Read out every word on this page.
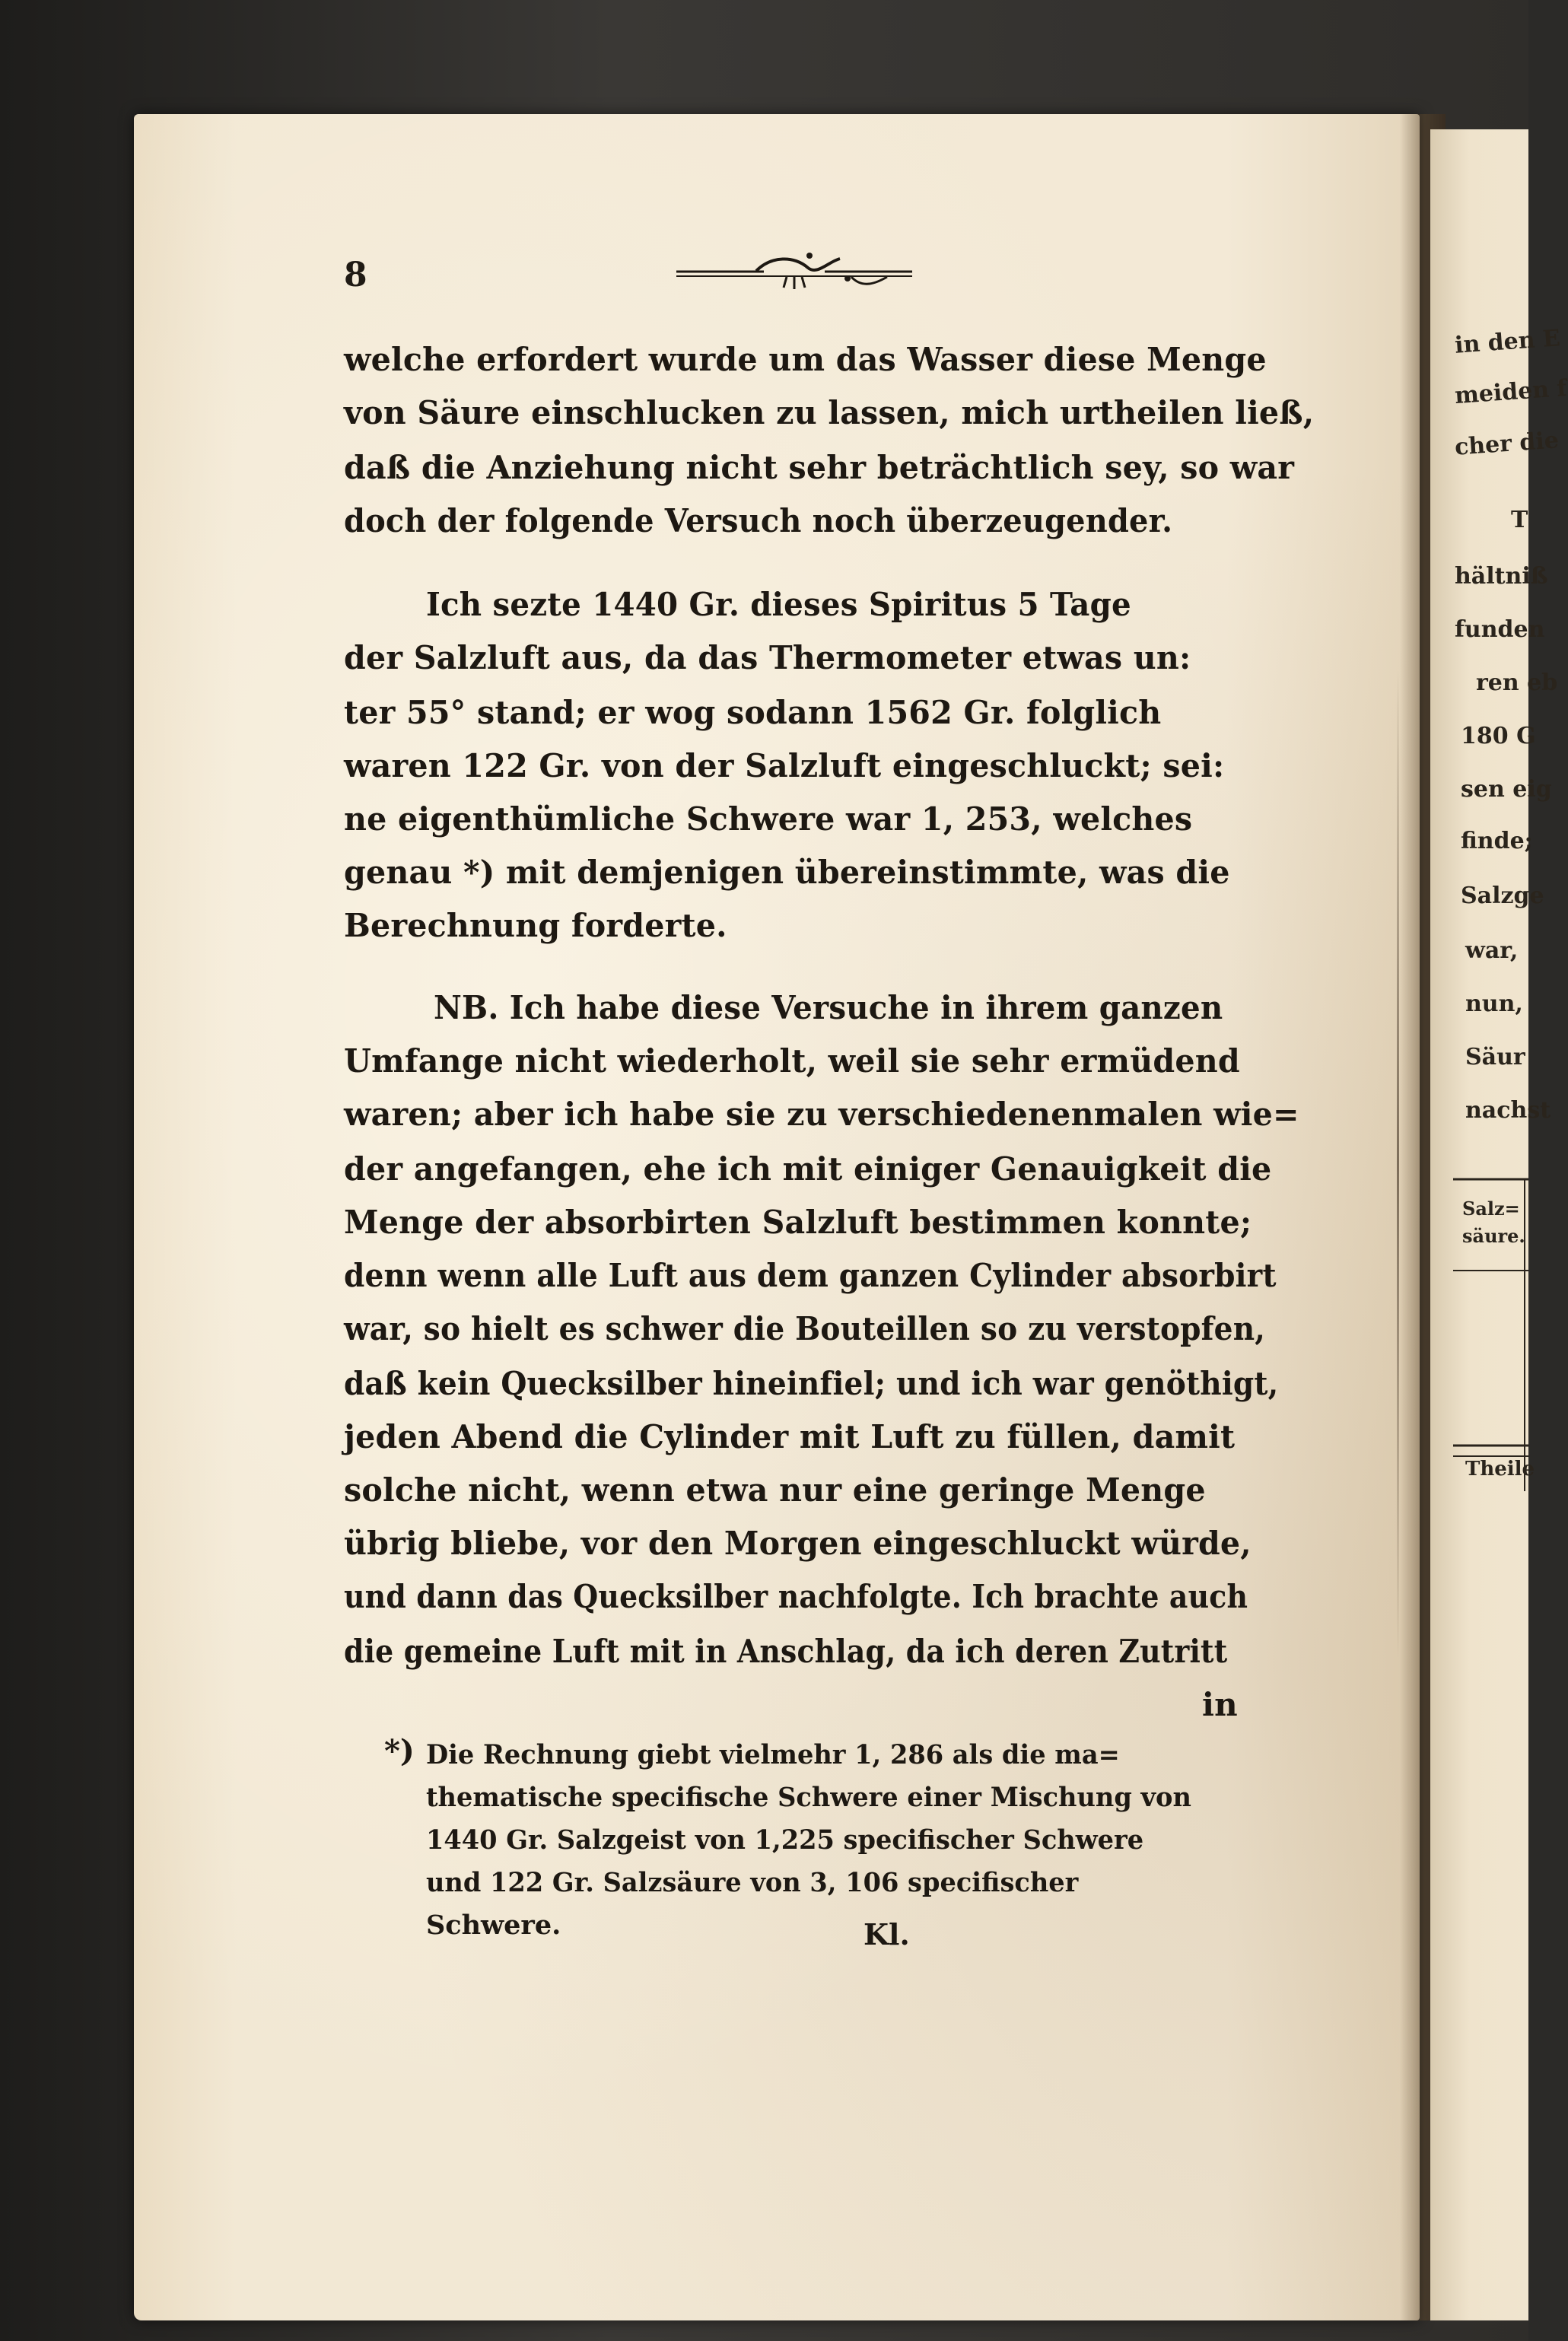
8
welche erfordert wurde um das Wasser diese Menge
von Säure einschlucken zu lassen, mich urtheilen ließ,
daß die Anziehung nicht sehr beträchtlich sey, so war
doch der folgende Versuch noch überzeugender.
Ich sezte 1440 Gr. dieses Spiritus 5 Tage
der Salzluft aus, da das Thermometer etwas un:
ter 55° stand; er wog sodann 1562 Gr. folglich
waren 122 Gr. von der Salzluft eingeschluckt; sei:
ne eigenthümliche Schwere war 1, 253, welches
genau *) mit demjenigen übereinstimmte, was die
Berechnung forderte.
NB. Ich habe diese Versuche in ihrem ganzen
Umfange nicht wiederholt, weil sie sehr ermüdend
waren; aber ich habe sie zu verschiedenenmalen wie=
der angefangen, ehe ich mit einiger Genauigkeit die
Menge der absorbirten Salzluft bestimmen konnte;
denn wenn alle Luft aus dem ganzen Cylinder absorbirt
war, so hielt es schwer die Bouteillen so zu verstopfen,
daß kein Quecksilber hineinfiel; und ich war genöthigt,
jeden Abend die Cylinder mit Luft zu füllen, damit
solche nicht, wenn etwa nur eine geringe Menge
übrig bliebe, vor den Morgen eingeschluckt würde,
und dann das Quecksilber nachfolgte. Ich brachte auch
die gemeine Luft mit in Anschlag, da ich deren Zutritt
in
*) Die Rechnung giebt vielmehr 1, 286 als die ma=
thematische specifische Schwere einer Mischung von
1440 Gr. Salzgeist von 1,225 specifischer Schwere
und 122 Gr. Salzsäure von 3, 106 specifischer
Schwere.	Kl.
in den E
meiden f
cher die
T
hältniß
funden
ren eb
180 G
sen eig
finde;
Salzge
war,
nun,
Säur
nachst
Salz=
säure.
Theile
